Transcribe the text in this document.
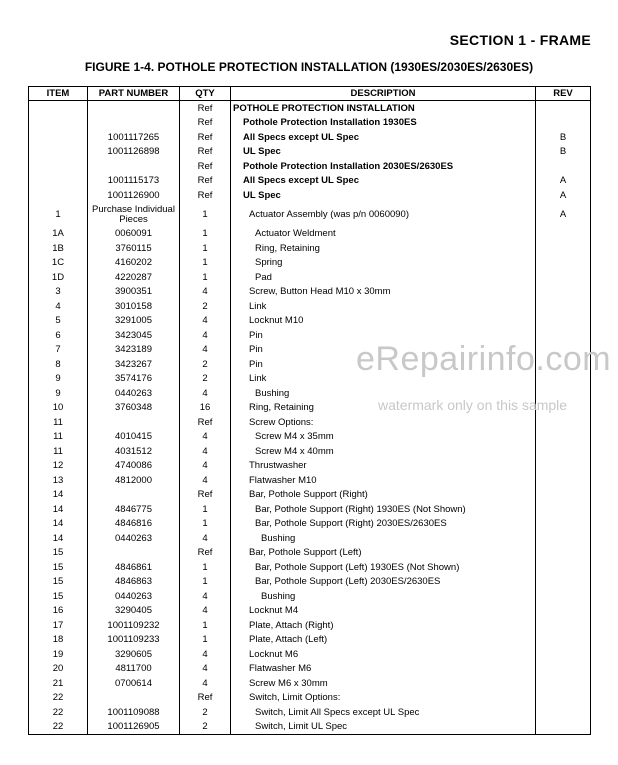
SECTION 1 - FRAME
FIGURE 1-4. POTHOLE PROTECTION INSTALLATION (1930ES/2030ES/2630ES)
ITEM	PART NUMBER	QTY	DESCRIPTION	REV
		Ref	POTHOLE PROTECTION INSTALLATION	
		Ref	Pothole Protection Installation 1930ES	
	1001117265	Ref	All Specs except UL Spec	B
	1001126898	Ref	UL Spec	B
		Ref	Pothole Protection Installation 2030ES/2630ES	
	1001115173	Ref	All Specs except UL Spec	A
	1001126900	Ref	UL Spec	A
1	Purchase Individual Pieces	1	Actuator Assembly (was p/n 0060090)	A
1A	0060091	1	Actuator Weldment	
1B	3760115	1	Ring, Retaining	
1C	4160202	1	Spring	
1D	4220287	1	Pad	
3	3900351	4	Screw, Button Head M10 x 30mm	
4	3010158	2	Link	
5	3291005	4	Locknut M10	
6	3423045	4	Pin	
7	3423189	4	Pin	
8	3423267	2	Pin	
9	3574176	2	Link	
9	0440263	4	Bushing	
10	3760348	16	Ring, Retaining	
11		Ref	Screw Options:	
11	4010415	4	Screw M4 x 35mm	
11	4031512	4	Screw M4 x 40mm	
12	4740086	4	Thrustwasher	
13	4812000	4	Flatwasher M10	
14		Ref	Bar, Pothole Support (Right)	
14	4846775	1	Bar, Pothole Support (Right) 1930ES (Not Shown)	
14	4846816	1	Bar, Pothole Support (Right) 2030ES/2630ES	
14	0440263	4	Bushing	
15		Ref	Bar, Pothole Support (Left)	
15	4846861	1	Bar, Pothole Support (Left) 1930ES (Not Shown)	
15	4846863	1	Bar, Pothole Support (Left) 2030ES/2630ES	
15	0440263	4	Bushing	
16	3290405	4	Locknut M4	
17	1001109232	1	Plate, Attach (Right)	
18	1001109233	1	Plate, Attach (Left)	
19	3290605	4	Locknut M6	
20	4811700	4	Flatwasher M6	
21	0700614	4	Screw M6 x 30mm	
22		Ref	Switch, Limit Options:	
22	1001109088	2	Switch, Limit All Specs except UL Spec	
22	1001126905	2	Switch, Limit UL Spec	
eRepairinfo.com
watermark only on this sample
